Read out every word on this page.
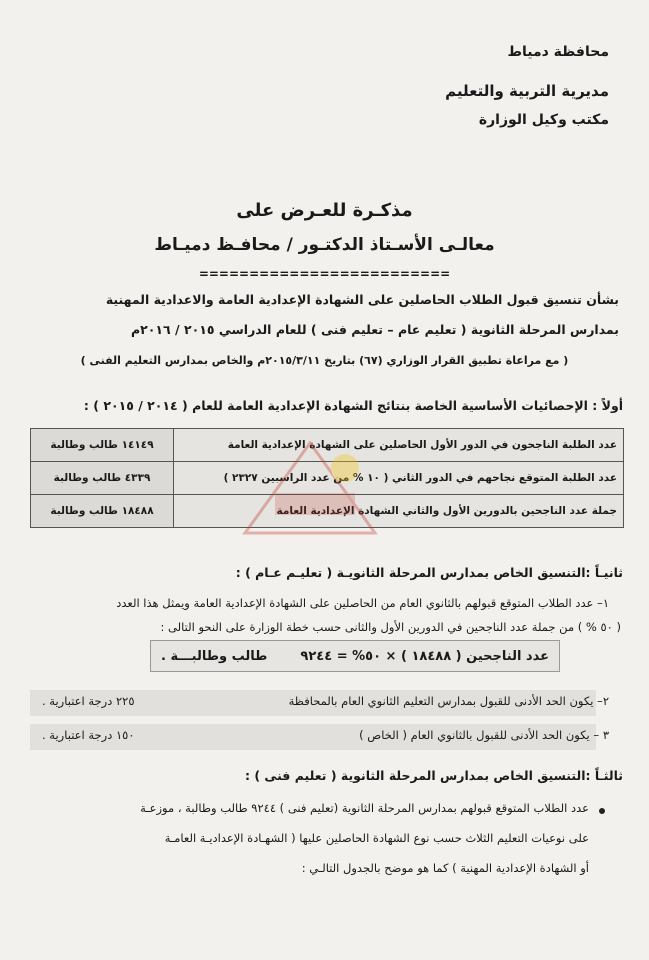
محافظة دمياط
مديرية التربية والتعليم
مكتب وكيل الوزارة
مذكـرة للعـرض على
معالـى الأسـتاذ الدكتـور / محافـظ دميـاط
=========================
بشأن تنسيق قبول الطلاب الحاصلين على الشهادة الإعدادية العامة والاعدادية المهنية
بمدارس المرحلة الثانوية ( تعليم عام – تعليم فنى ) للعام الدراسي ٢٠١٥ / ٢٠١٦م
( مع مراعاة تطبيق القرار الوزاري (٦٧) بتاريخ ٢٠١٥/٣/١١م والخاص بمدارس التعليم الفنى )
أولاً : الإحصائيات الأساسية الخاصة بنتائج الشهادة الإعدادية العامة للعام ( ٢٠١٤ / ٢٠١٥ ) :
عدد الطلبة الناجحون في الدور الأول الحاصلين على الشهادة الإعدادية العامة	١٤١٤٩ طالب وطالبة
عدد الطلبة المتوقع نجاحهم في الدور الثاني ( ١٠ % من عدد الراسبين ٢٣٢٧ )	٤٣٣٩ طالب وطالبة
جملة عدد الناجحين بالدورين الأول والثاني الشهادة الإعدادية العامة	١٨٤٨٨ طالب وطالبة
ثانيـاً :التنسيق الخاص بمدارس المرحلة الثانويـة ( تعليـم عـام ) :
١– عدد الطلاب المتوقع قبولهم بالثانوي العام من الحاصلين على الشهادة الإعدادية العامة ويمثل هذا العدد
( ٥٠ % ) من جملة عدد الناجحين في الدورين الأول والثانى حسب خطة الوزارة على النحو التالى :
عدد الناجحين ( ١٨٤٨٨ ) × ٥٠% = ٩٢٤٤
طالب وطالبـــة .
٢– يكون الحد الأدنى للقبول بمدارس التعليم الثانوي العام بالمحافظة
٢٢٥ درجة اعتبارية .
٣ – يكون الحد الأدنى للقبول بالثانوي العام ( الخاص )
١٥٠ درجة اعتبارية .
ثالثـاً :التنسيق الخاص بمدارس المرحلة الثانوية ( تعليم فنى ) :
عدد الطلاب المتوقع قبولهم بمدارس المرحلة الثانوية (تعليم فنى ) ٩٢٤٤ طالب وطالبة ، موزعـة
على نوعيات التعليم الثلاث حسب نوع الشهادة الحاصلين عليها ( الشهـادة الإعداديـة العامـة
أو الشهادة الإعدادية المهنية ) كما هو موضح بالجدول التالـي :
